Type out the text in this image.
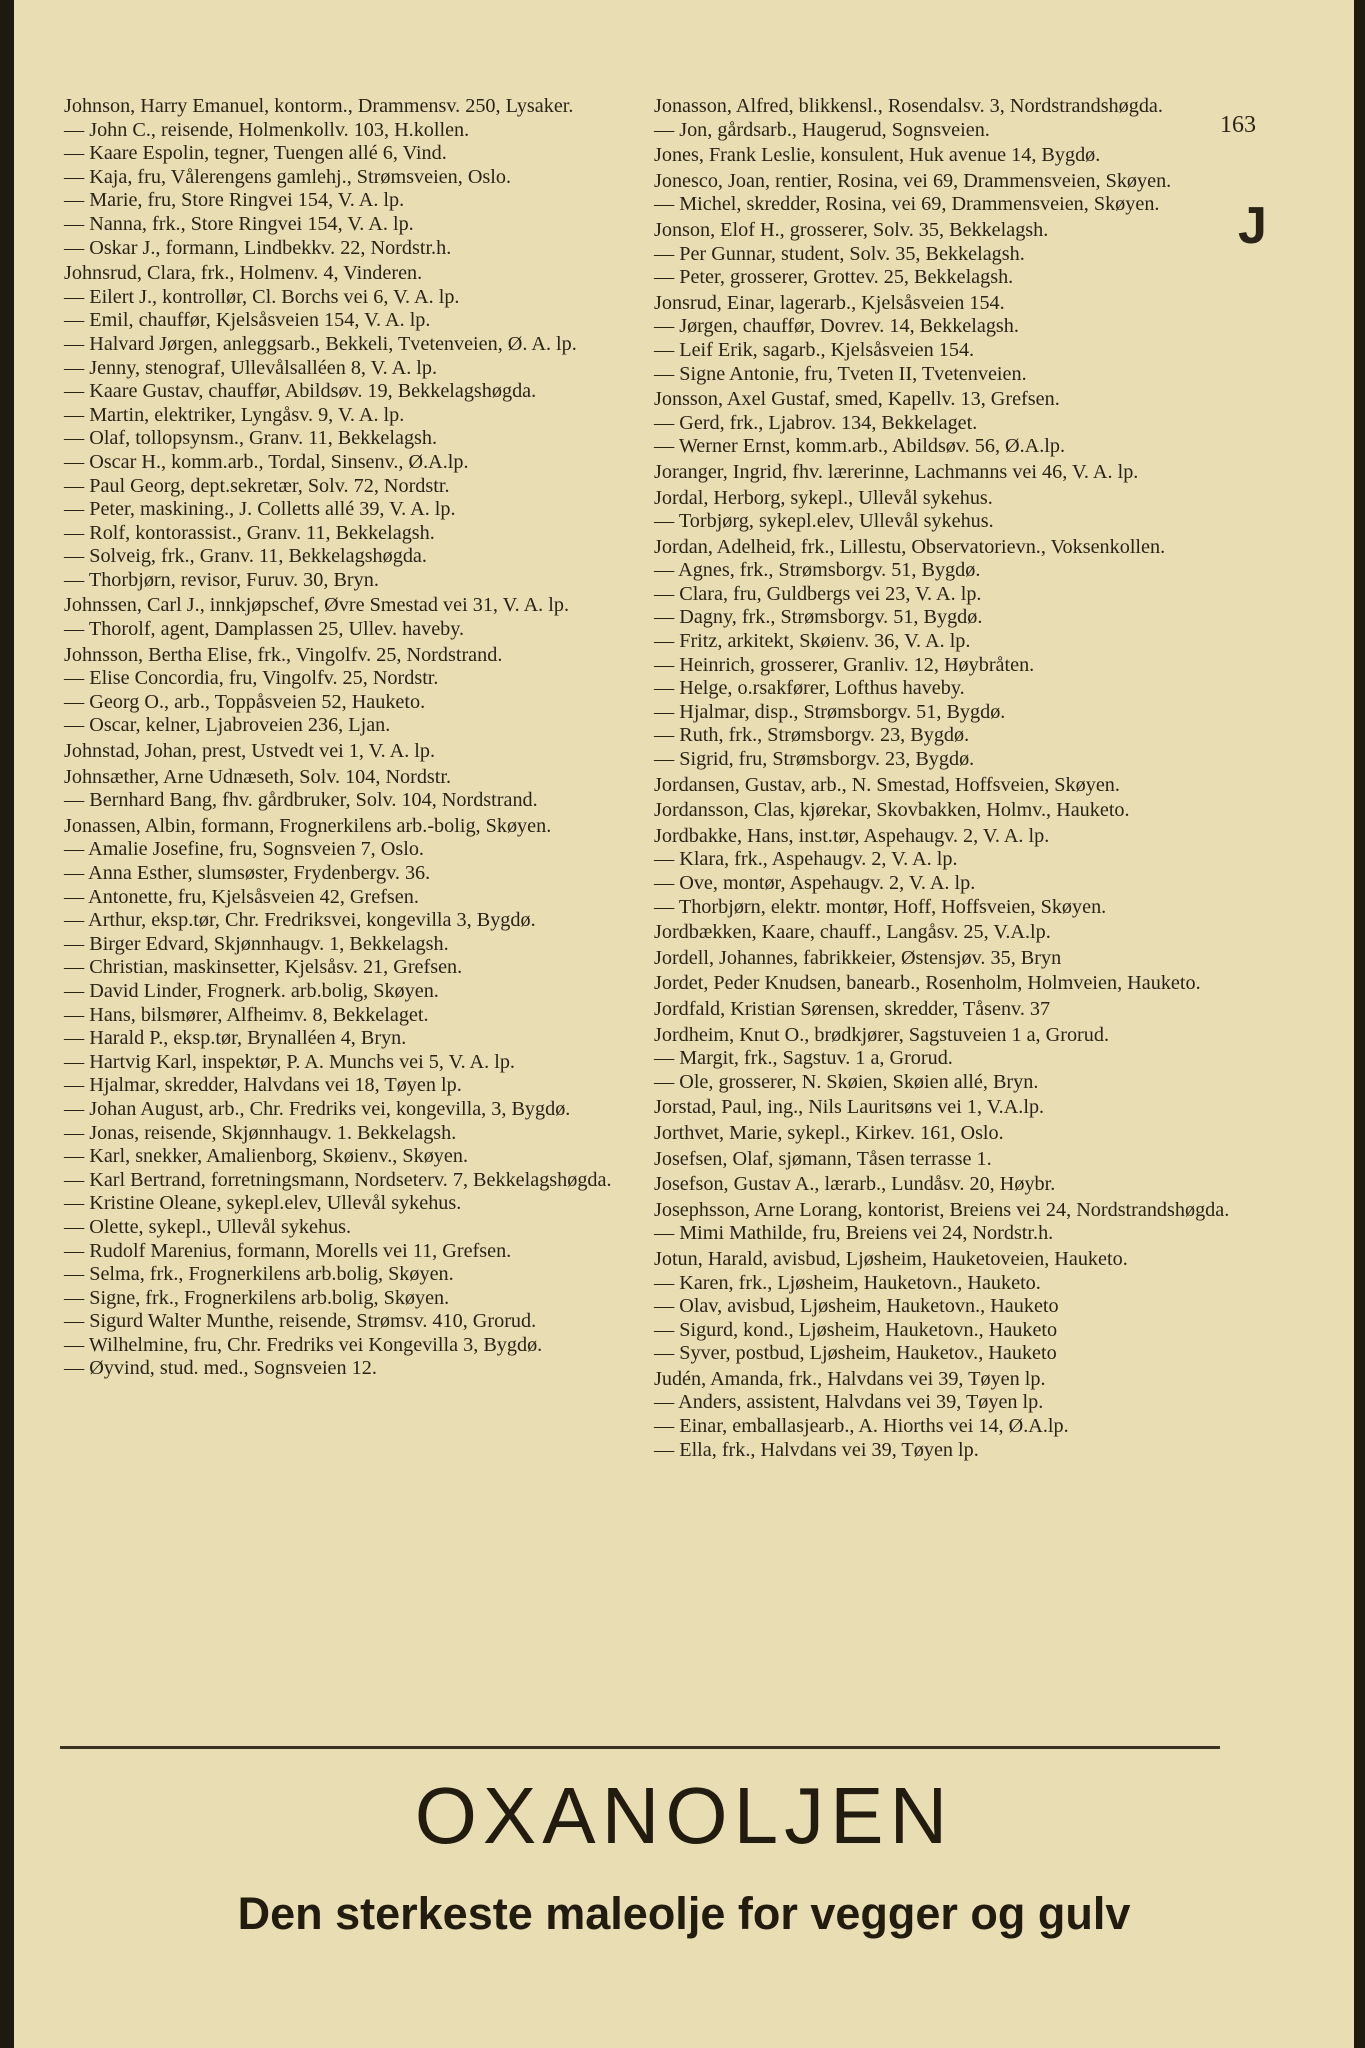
Johnson, Harry Emanuel, kontorm., Drammensv. 250, Lysaker.
— John C., reisende, Holmenkollv. 103, H.kollen.
— Kaare Espolin, tegner, Tuengen allé 6, Vind.
— Kaja, fru, Vålerengens gamlehj., Strømsveien, Oslo.
— Marie, fru, Store Ringvei 154, V. A. lp.
— Nanna, frk., Store Ringvei 154, V. A. lp.
— Oskar J., formann, Lindbekkv. 22, Nordstr.h.
Johnsrud, Clara, frk., Holmenv. 4, Vinderen.
— Eilert J., kontrollør, Cl. Borchs vei 6, V. A. lp.
— Emil, chauffør, Kjelsåsveien 154, V. A. lp.
— Halvard Jørgen, anleggsarb., Bekkeli, Tvetenveien, Ø. A. lp.
— Jenny, stenograf, Ullevålsalléen 8, V. A. lp.
— Kaare Gustav, chauffør, Abildsøv. 19, Bekkelagshøgda.
— Martin, elektriker, Lyngåsv. 9, V. A. lp.
— Olaf, tollopsynsm., Granv. 11, Bekkelagsh.
— Oscar H., komm.arb., Tordal, Sinsenv., Ø.A.lp.
— Paul Georg, dept.sekretær, Solv. 72, Nordstr.
— Peter, maskining., J. Colletts allé 39, V. A. lp.
— Rolf, kontorassist., Granv. 11, Bekkelagsh.
— Solveig, frk., Granv. 11, Bekkelagshøgda.
— Thorbjørn, revisor, Furuv. 30, Bryn.
Johnssen, Carl J., innkjøpschef, Øvre Smestad vei 31, V. A. lp.
— Thorolf, agent, Damplassen 25, Ullev. haveby.
Johnsson, Bertha Elise, frk., Vingolfv. 25, Nordstrand.
— Elise Concordia, fru, Vingolfv. 25, Nordstr.
— Georg O., arb., Toppåsveien 52, Hauketo.
— Oscar, kelner, Ljabroveien 236, Ljan.
Johnstad, Johan, prest, Ustvedt vei 1, V. A. lp.
Johnsæther, Arne Udnæseth, Solv. 104, Nordstr.
— Bernhard Bang, fhv. gårdbruker, Solv. 104, Nordstrand.
Jonassen, Albin, formann, Frognerkilens arb.-bolig, Skøyen.
— Amalie Josefine, fru, Sognsveien 7, Oslo.
— Anna Esther, slumsøster, Frydenbergv. 36.
— Antonette, fru, Kjelsåsveien 42, Grefsen.
— Arthur, eksp.tør, Chr. Fredriksvei, kongevilla 3, Bygdø.
— Birger Edvard, Skjønnhaugv. 1, Bekkelagsh.
— Christian, maskinsetter, Kjelsåsv. 21, Grefsen.
— David Linder, Frognerk. arb.bolig, Skøyen.
— Hans, bilsmører, Alfheimv. 8, Bekkelaget.
— Harald P., eksp.tør, Brynalléen 4, Bryn.
— Hartvig Karl, inspektør, P. A. Munchs vei 5, V. A. lp.
— Hjalmar, skredder, Halvdans vei 18, Tøyen lp.
— Johan August, arb., Chr. Fredriks vei, kongevilla, 3, Bygdø.
— Jonas, reisende, Skjønnhaugv. 1. Bekkelagsh.
— Karl, snekker, Amalienborg, Skøienv., Skøyen.
— Karl Bertrand, forretningsmann, Nordseterv. 7, Bekkelagshøgda.
— Kristine Oleane, sykepl.elev, Ullevål sykehus.
— Olette, sykepl., Ullevål sykehus.
— Rudolf Marenius, formann, Morells vei 11, Grefsen.
— Selma, frk., Frognerkilens arb.bolig, Skøyen.
— Signe, frk., Frognerkilens arb.bolig, Skøyen.
— Sigurd Walter Munthe, reisende, Strømsv. 410, Grorud.
— Wilhelmine, fru, Chr. Fredriks vei Kongevilla 3, Bygdø.
— Øyvind, stud. med., Sognsveien 12.
Jonasson, Alfred, blikkensl., Rosendalsv. 3, Nordstrandshøgda.
— Jon, gårdsarb., Haugerud, Sognsveien.
Jones, Frank Leslie, konsulent, Huk avenue 14, Bygdø.
Jonesco, Joan, rentier, Rosina, vei 69, Drammensveien, Skøyen.
— Michel, skredder, Rosina, vei 69, Drammensveien, Skøyen.
Jonson, Elof H., grosserer, Solv. 35, Bekkelagsh.
— Per Gunnar, student, Solv. 35, Bekkelagsh.
— Peter, grosserer, Grottev. 25, Bekkelagsh.
Jonsrud, Einar, lagerarb., Kjelsåsveien 154.
— Jørgen, chauffør, Dovrev. 14, Bekkelagsh.
— Leif Erik, sagarb., Kjelsåsveien 154.
— Signe Antonie, fru, Tveten II, Tvetenveien.
Jonsson, Axel Gustaf, smed, Kapellv. 13, Grefsen.
— Gerd, frk., Ljabrov. 134, Bekkelaget.
— Werner Ernst, komm.arb., Abildsøv. 56, Ø.A.lp.
Joranger, Ingrid, fhv. lærerinne, Lachmanns vei 46, V. A. lp.
Jordal, Herborg, sykepl., Ullevål sykehus.
— Torbjørg, sykepl.elev, Ullevål sykehus.
Jordan, Adelheid, frk., Lillestu, Observatorievn., Voksenkollen.
— Agnes, frk., Strømsborgv. 51, Bygdø.
— Clara, fru, Guldbergs vei 23, V. A. lp.
— Dagny, frk., Strømsborgv. 51, Bygdø.
— Fritz, arkitekt, Skøienv. 36, V. A. lp.
— Heinrich, grosserer, Granliv. 12, Høybråten.
— Helge, o.rsakfører, Lofthus haveby.
— Hjalmar, disp., Strømsborgv. 51, Bygdø.
— Ruth, frk., Strømsborgv. 23, Bygdø.
— Sigrid, fru, Strømsborgv. 23, Bygdø.
Jordansen, Gustav, arb., N. Smestad, Hoffsveien, Skøyen.
Jordansson, Clas, kjørekar, Skovbakken, Holmv., Hauketo.
Jordbakke, Hans, inst.tør, Aspehaugv. 2, V. A. lp.
— Klara, frk., Aspehaugv. 2, V. A. lp.
— Ove, montør, Aspehaugv. 2, V. A. lp.
— Thorbjørn, elektr. montør, Hoff, Hoffsveien, Skøyen.
Jordbækken, Kaare, chauff., Langåsv. 25, V.A.lp.
Jordell, Johannes, fabrikkeier, Østensjøv. 35, Bryn
Jordet, Peder Knudsen, banearb., Rosenholm, Holmveien, Hauketo.
Jordfald, Kristian Sørensen, skredder, Tåsenv. 37
Jordheim, Knut O., brødkjører, Sagstuveien 1 a, Grorud.
— Margit, frk., Sagstuv. 1 a, Grorud.
— Ole, grosserer, N. Skøien, Skøien allé, Bryn.
Jorstad, Paul, ing., Nils Lauritsøns vei 1, V.A.lp.
Jorthvet, Marie, sykepl., Kirkev. 161, Oslo.
Josefsen, Olaf, sjømann, Tåsen terrasse 1.
Josefson, Gustav A., lærarb., Lundåsv. 20, Høybr.
Josephsson, Arne Lorang, kontorist, Breiens vei 24, Nordstrandshøgda.
— Mimi Mathilde, fru, Breiens vei 24, Nordstr.h.
Jotun, Harald, avisbud, Ljøsheim, Hauketoveien, Hauketo.
— Karen, frk., Ljøsheim, Hauketovn., Hauketo.
— Olav, avisbud, Ljøsheim, Hauketovn., Hauketo
— Sigurd, kond., Ljøsheim, Hauketovn., Hauketo
— Syver, postbud, Ljøsheim, Hauketov., Hauketo
Judén, Amanda, frk., Halvdans vei 39, Tøyen lp.
— Anders, assistent, Halvdans vei 39, Tøyen lp.
— Einar, emballasjearb., A. Hiorths vei 14, Ø.A.lp.
— Ella, frk., Halvdans vei 39, Tøyen lp.
163
J
OXANOLJEN
Den sterkeste maleolje for vegger og gulv
